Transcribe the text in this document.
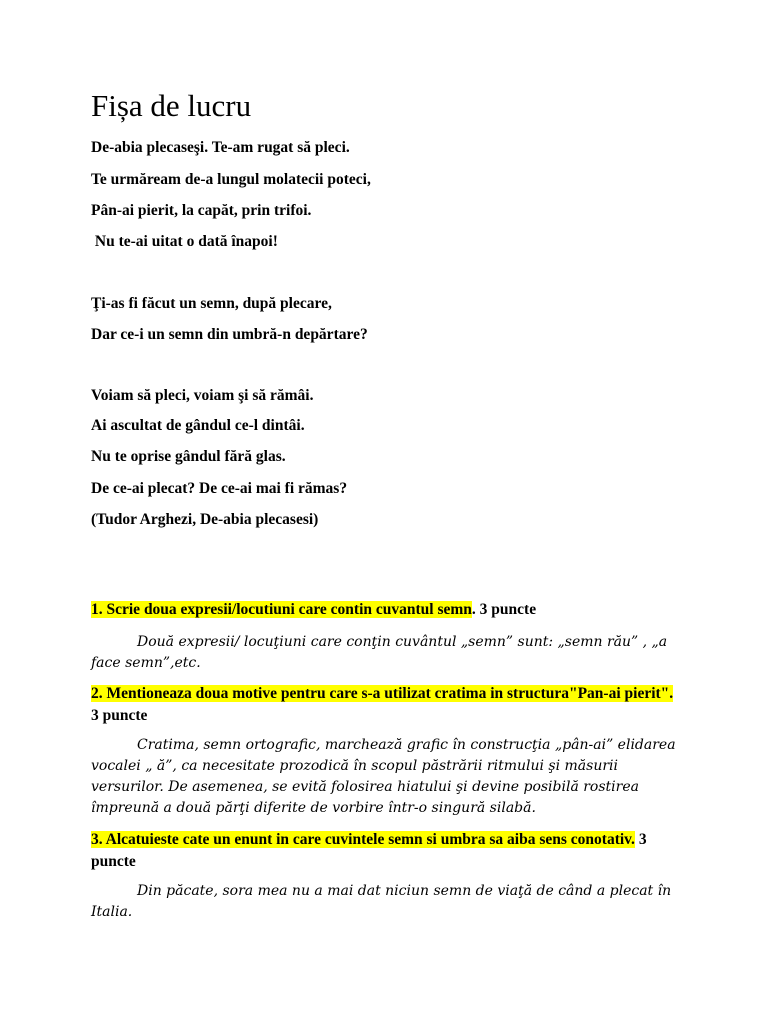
Fișa de lucru
De-abia plecaseşi. Te-am rugat să pleci.
Te urmăream de-a lungul molatecii poteci,
Pân-ai pierit, la capăt, prin trifoi.
Nu te-ai uitat o dată înapoi!
Ţi-as fi făcut un semn, după plecare,
Dar ce-i un semn din umbră-n depărtare?
Voiam să pleci, voiam şi să rămâi.
Ai ascultat de gândul ce-l dintâi.
Nu te oprise gândul fără glas.
De ce-ai plecat? De ce-ai mai fi rămas?
(Tudor Arghezi, De-abia plecasesi)
1. Scrie doua expresii/locutiuni care contin cuvantul semn. 3 puncte
Două expresii/ locuţiuni care conţin cuvântul „semn” sunt: „semn rău” , „a face semn”,etc.
2. Mentioneaza doua motive pentru care s-a utilizat cratima in structura"Pan-ai pierit". 3 puncte
Cratima, semn ortografic, marchează grafic în construcţia „pân-ai” elidarea vocalei „ ă”, ca necesitate prozodică în scopul păstrării ritmului şi măsurii versurilor. De asemenea, se evită folosirea hiatului şi devine posibilă rostirea împreună a două părţi diferite de vorbire într-o singură silabă.
3. Alcatuieste cate un enunt in care cuvintele semn si umbra sa aiba sens conotativ. 3 puncte
Din păcate, sora mea nu a mai dat niciun semn de viaţă de când a plecat în Italia.
